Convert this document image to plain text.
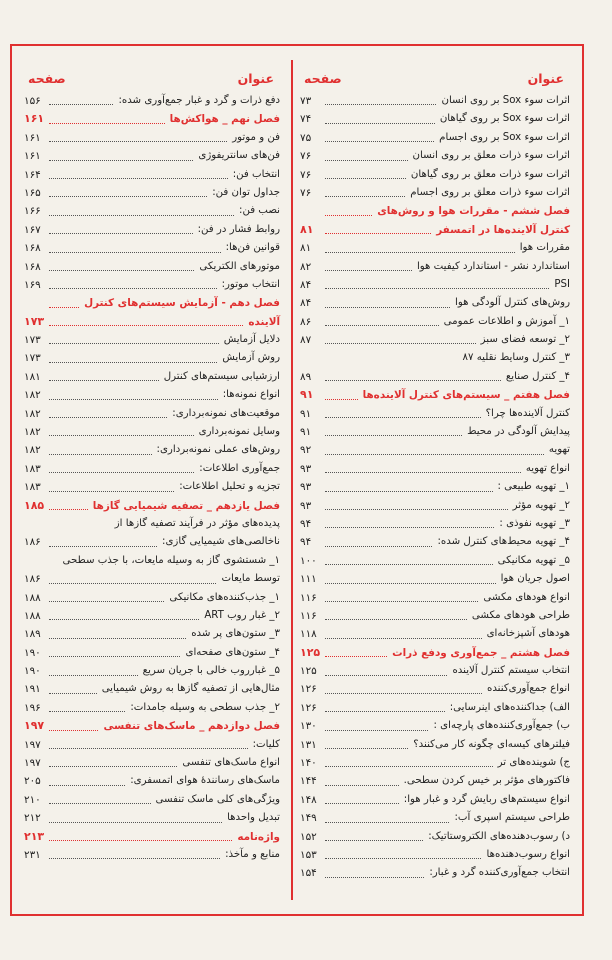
عنوان
صفحه
اثرات سوء Sox بر روی انسان
۷۳
اثرات سوء Sox بر روی گیاهان
۷۴
اثرات سوء Sox بر روی اجسام
۷۵
اثرات سوء ذرات معلق بر روی انسان
۷۶
اثرات سوء ذرات معلق بر روی گیاهان
۷۶
اثرات سوء ذرات معلق بر روی اجسام
۷۶
فصل ششم - مقررات هوا و روش‌های
کنترل آلاینده‌ها در اتمسفر
۸۱
مقررات هوا
۸۱
استاندارد نشر - استاندارد کیفیت هوا
۸۲
PSI
۸۴
روش‌های کنترل آلودگی هوا
۸۴
۱_ آموزش و اطلاعات عمومی
۸۶
۲_ توسعه فضای سبز
۸۷
۳_ کنترل وسایط نقلیه ۸۷
۴_ کنترل صنایع
۸۹
فصل هفتم _ سیستم‌های کنترل آلاینده‌ها
۹۱
کنترل آلاینده‌ها چرا؟
۹۱
پیدایش آلودگی در محیط
۹۱
تهویه
۹۲
انواع تهویه
۹۳
۱_ تهویه طبیعی :
۹۳
۲_ تهویه مؤثر
۹۳
۳_ تهویه نفوذی :
۹۴
۴_ تهویه محیط‌های کنترل شده:
۹۴
۵_ تهویه مکانیکی
۱۰۰
اصول جریان هوا
۱۱۱
انواع هودهای مکشی
۱۱۶
طراحی هودهای مکشی
۱۱۶
هودهای آشپزخانه‌ای
۱۱۸
فصل هشتم _ جمع‌آوری ودفع ذرات
۱۲۵
انتخاب سیستم کنترل آلاینده
۱۲۵
انواع جمع‌آوری‌کننده
۱۲۶
الف) جداکننده‌های اینرسایی:
۱۲۶
ب) جمع‌آوری‌کننده‌های پارچه‌ای :
۱۳۰
فیلترهای کیسه‌ای چگونه کار می‌کنند؟
۱۳۱
ج) شوینده‌های تر
۱۴۰
فاکتورهای مؤثر بر خیس کردن سطحی.
۱۴۴
انواع سیستم‌های ربایش گرد و غبار هوا:
۱۴۸
طراحی سیستم اسپری آب:
۱۴۹
د) رسوب‌دهنده‌های الکتروستاتیک:
۱۵۲
انواع رسوب‌دهنده‌ها
۱۵۳
انتخاب جمع‌آوری‌کننده گرد و غبار:
۱۵۴
عنوان
صفحه
دفع ذرات و گرد و غبار جمع‌آوری شده:
۱۵۶
فصل نهم _ هواکش‌ها
۱۶۱
فن و موتور
۱۶۱
فن‌های سانتریفوژی
۱۶۱
انتخاب فن:
۱۶۴
جداول توان فن:
۱۶۵
نصب فن:
۱۶۶
روابط فشار در فن:
۱۶۷
قوانین فن‌ها:
۱۶۸
موتورهای الکتریکی
۱۶۸
انتخاب موتور:
۱۶۹
فصل دهم - آزمایش سیستم‌های کنترل
آلاینده
۱۷۳
دلایل آزمایش
۱۷۳
روش آزمایش
۱۷۳
ارزشیابی سیستم‌های کنترل
۱۸۱
انواع نمونه‌ها:
۱۸۲
موقعیت‌های نمونه‌برداری:
۱۸۲
وسایل نمونه‌برداری
۱۸۲
روش‌های عملی نمونه‌برداری:
۱۸۲
جمع‌آوری اطلاعات:
۱۸۳
تجزیه و تحلیل اطلاعات:
۱۸۳
فصل یازدهم _ تصفیه شیمیایی گازها
۱۸۵
پدیده‌های مؤثر در فرآیند تصفیه گازها از
ناخالصی‌های شیمیایی گازی:
۱۸۶
۱_ شستشوی گاز به وسیله مایعات، با جذب سطحی
توسط مایعات
۱۸۶
۱_ جذب‌کننده‌های مکانیکی
۱۸۸
۲_ غبار روب ART
۱۸۸
۳_ ستون‌های پر شده
۱۸۹
۴_ ستون‌های صفحه‌ای
۱۹۰
۵_ غبارروب خالی با جریان سریع
۱۹۰
مثال‌هایی از تصفیه گازها به روش شیمیایی
۱۹۱
۲_ جذب سطحی به وسیله جامدات:
۱۹۶
فصل دوازدهم _ ماسک‌های تنفسی
۱۹۷
کلیات:
۱۹۷
انواع ماسک‌های تنفسی
۱۹۷
ماسک‌های رسانندهٔ هوای اتمسفری:
۲۰۵
ویژگی‌های کلی ماسک تنفسی
۲۱۰
تبدیل واحدها
۲۱۲
واژه‌نامه
۲۱۳
منابع و مآخذ:
۲۳۱
